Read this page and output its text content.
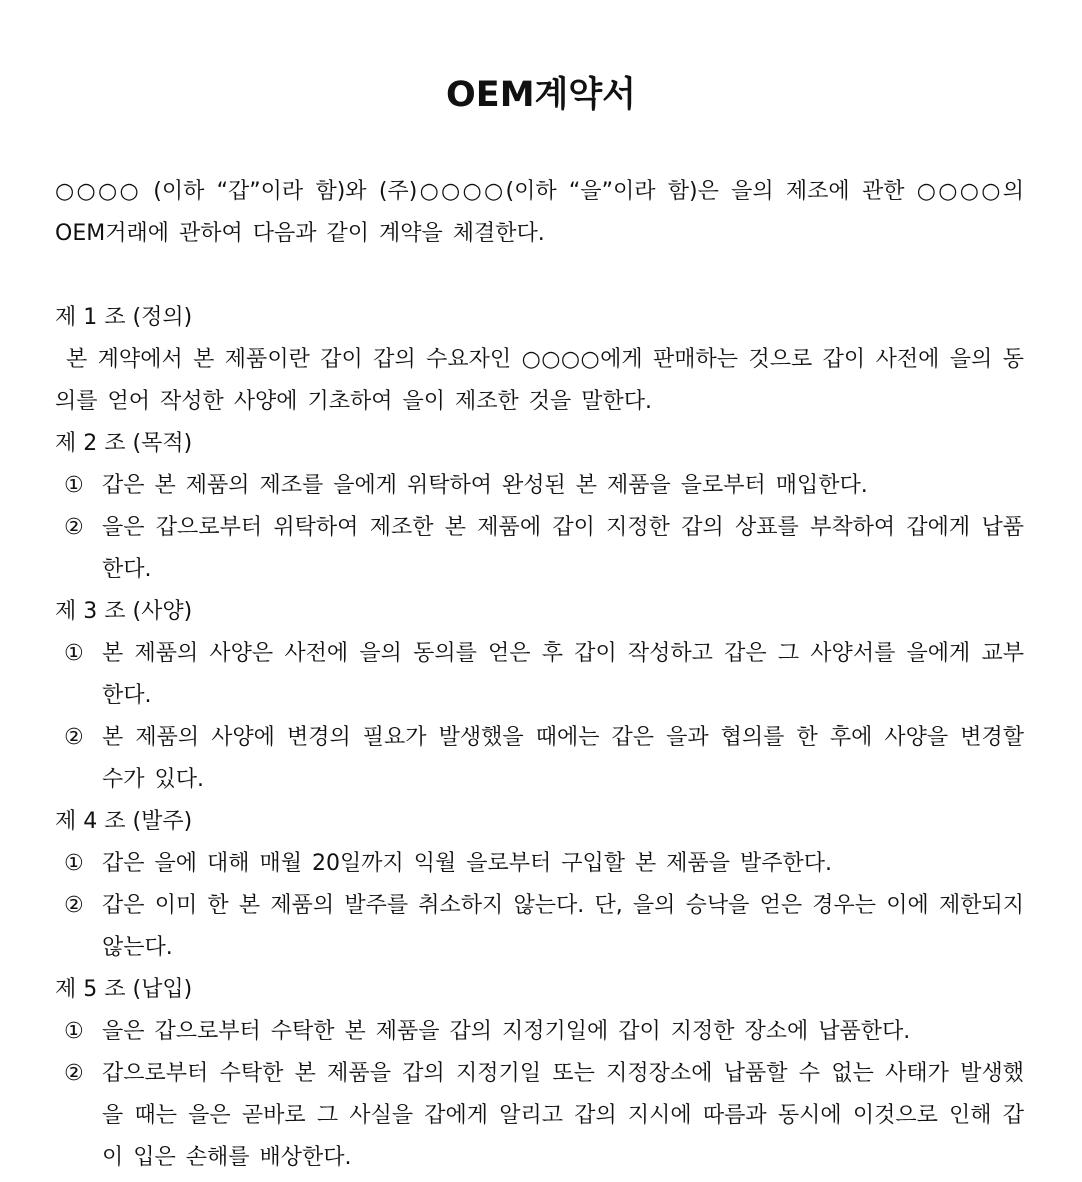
OEM계약서
○○○○ (이하 “갑”이라 함)와 (주)○○○○(이하 “을”이라 함)은 을의 제조에 관한 ○○○○의 OEM거래에 관하여 다음과 같이 계약을 체결한다.
제 1 조 (정의)
본 계약에서 본 제품이란 갑이 갑의 수요자인 ○○○○에게 판매하는 것으로 갑이 사전에 을의 동의를 얻어 작성한 사양에 기초하여 을이 제조한 것을 말한다.
제 2 조 (목적)
① 갑은 본 제품의 제조를 을에게 위탁하여 완성된 본 제품을 을로부터 매입한다.
② 을은 갑으로부터 위탁하여 제조한 본 제품에 갑이 지정한 갑의 상표를 부착하여 갑에게 납품한다.
제 3 조 (사양)
① 본 제품의 사양은 사전에 을의 동의를 얻은 후 갑이 작성하고 갑은 그 사양서를 을에게 교부한다.
② 본 제품의 사양에 변경의 필요가 발생했을 때에는 갑은 을과 협의를 한 후에 사양을 변경할 수가 있다.
제 4 조 (발주)
① 갑은 을에 대해 매월 20일까지 익월 을로부터 구입할 본 제품을 발주한다.
② 갑은 이미 한 본 제품의 발주를 취소하지 않는다. 단, 을의 승낙을 얻은 경우는 이에 제한되지 않는다.
제 5 조 (납입)
① 을은 갑으로부터 수탁한 본 제품을 갑의 지정기일에 갑이 지정한 장소에 납품한다.
② 갑으로부터 수탁한 본 제품을 갑의 지정기일 또는 지정장소에 납품할 수 없는 사태가 발생했을 때는 을은 곧바로 그 사실을 갑에게 알리고 갑의 지시에 따름과 동시에 이것으로 인해 갑이 입은 손해를 배상한다.
